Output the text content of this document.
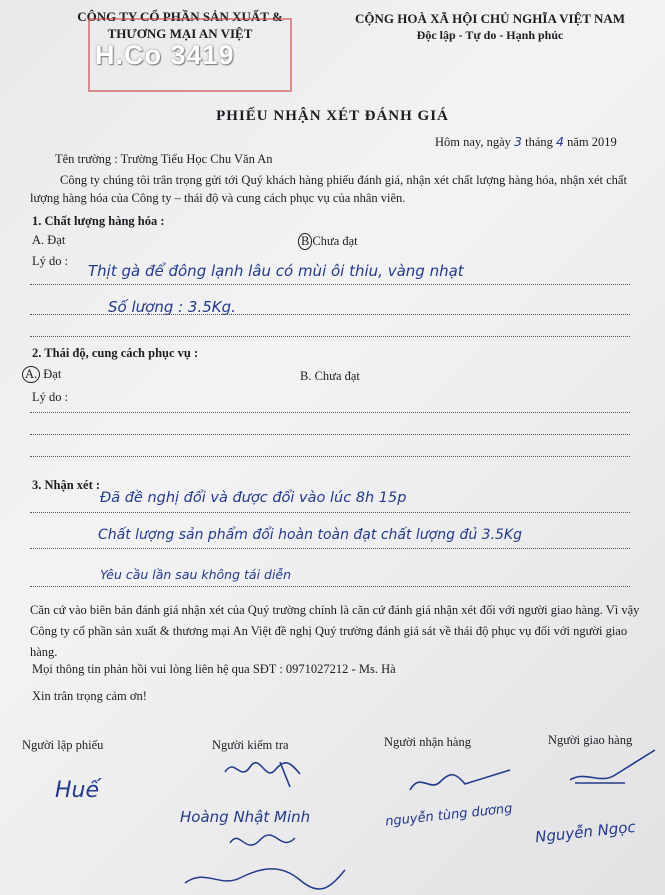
CÔNG TY CỔ PHẦN SẢN XUẤT &
THƯƠNG MẠI AN VIỆT
H.Co 3419
CỘNG HOÀ XÃ HỘI CHỦ NGHĨA VIỆT NAM
Độc lập - Tự do - Hạnh phúc
PHIẾU NHẬN XÉT ĐÁNH GIÁ
Hôm nay, ngày 3 tháng 4 năm 2019
Tên trường : Trường Tiểu Học Chu Văn An
Công ty chúng tôi trân trọng gửi tới Quý khách hàng phiếu đánh giá, nhận xét chất lượng hàng hóa, nhận xét chất lượng hàng hóa của Công ty – thái độ và cung cách phục vụ của nhân viên.
1. Chất lượng hàng hóa :
A. Đạt	B Chưa đạt
Lý do :
Thịt gà để đông lạnh lâu có mùi ôi thiu, vàng nhạt
Số lượng : 3.5Kg.
2. Thái độ, cung cách phục vụ :
A. Đạt	B. Chưa đạt
Lý do :
3. Nhận xét :
Đã đề nghị đổi và được đổi vào lúc 8h 15p
Chất lượng sản phẩm đổi hoàn toàn đạt chất lượng đủ 3.5Kg
Yêu cầu lần sau không tái diễn
Căn cứ vào biên bản đánh giá nhận xét của Quý trường chính là căn cứ đánh giá nhận xét đối với người giao hàng. Vì vậy Công ty cổ phần sản xuất & thương mại An Việt đề nghị Quý trường đánh giá sát về thái độ phục vụ đối với người giao hàng.
Mọi thông tin phản hồi vui lòng liên hệ qua SĐT : 0971027212 - Ms. Hà
Xin trân trọng cảm ơn!
Người lập phiếu	Người kiểm tra	Người nhận hàng	Người giao hàng
Huế
Hoàng Nhật Minh	nguyễn tùng dương
Nguyễn Ngọc
